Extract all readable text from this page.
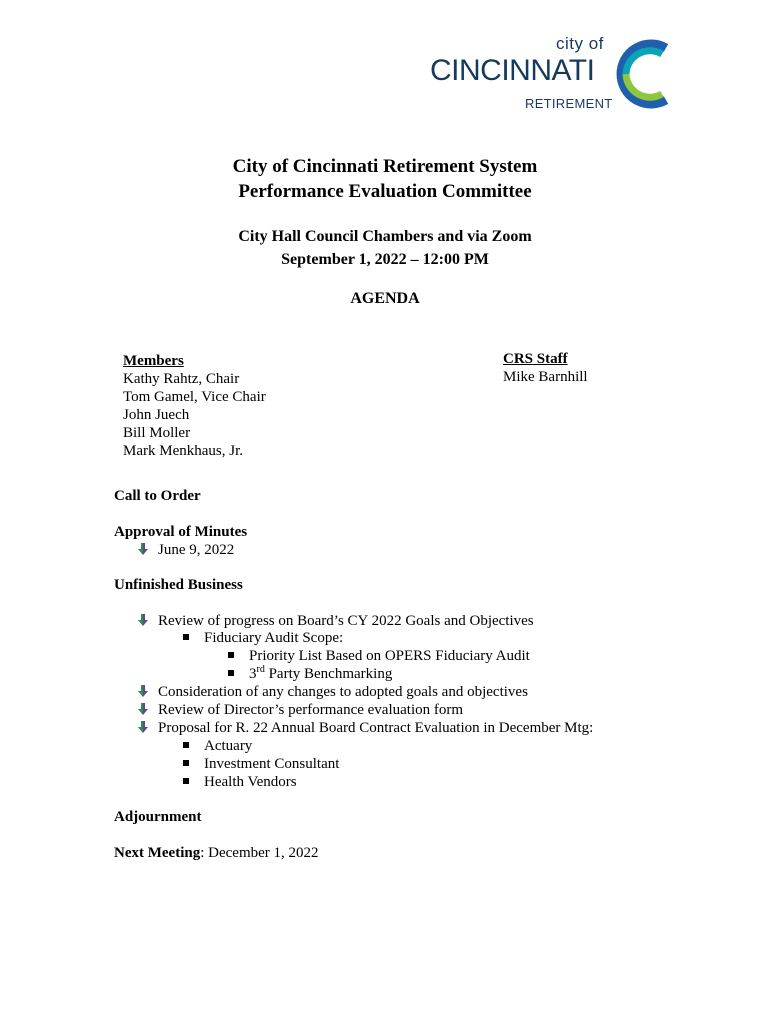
city of
CINCINNATI
RETIREMENT
City of Cincinnati Retirement System
Performance Evaluation Committee
City Hall Council Chambers and via Zoom
September 1, 2022 – 12:00 PM
AGENDA
Members
Kathy Rahtz, Chair
Tom Gamel, Vice Chair
John Juech
Bill Moller
Mark Menkhaus, Jr.
CRS Staff
Mike Barnhill
Call to Order
Approval of Minutes
June 9, 2022
Unfinished Business
Review of progress on Board’s CY 2022 Goals and Objectives
Fiduciary Audit Scope:
Priority List Based on OPERS Fiduciary Audit
3rd Party Benchmarking
Consideration of any changes to adopted goals and objectives
Review of Director’s performance evaluation form
Proposal for R. 22 Annual Board Contract Evaluation in December Mtg:
Actuary
Investment Consultant
Health Vendors
Adjournment
Next Meeting: December 1, 2022
